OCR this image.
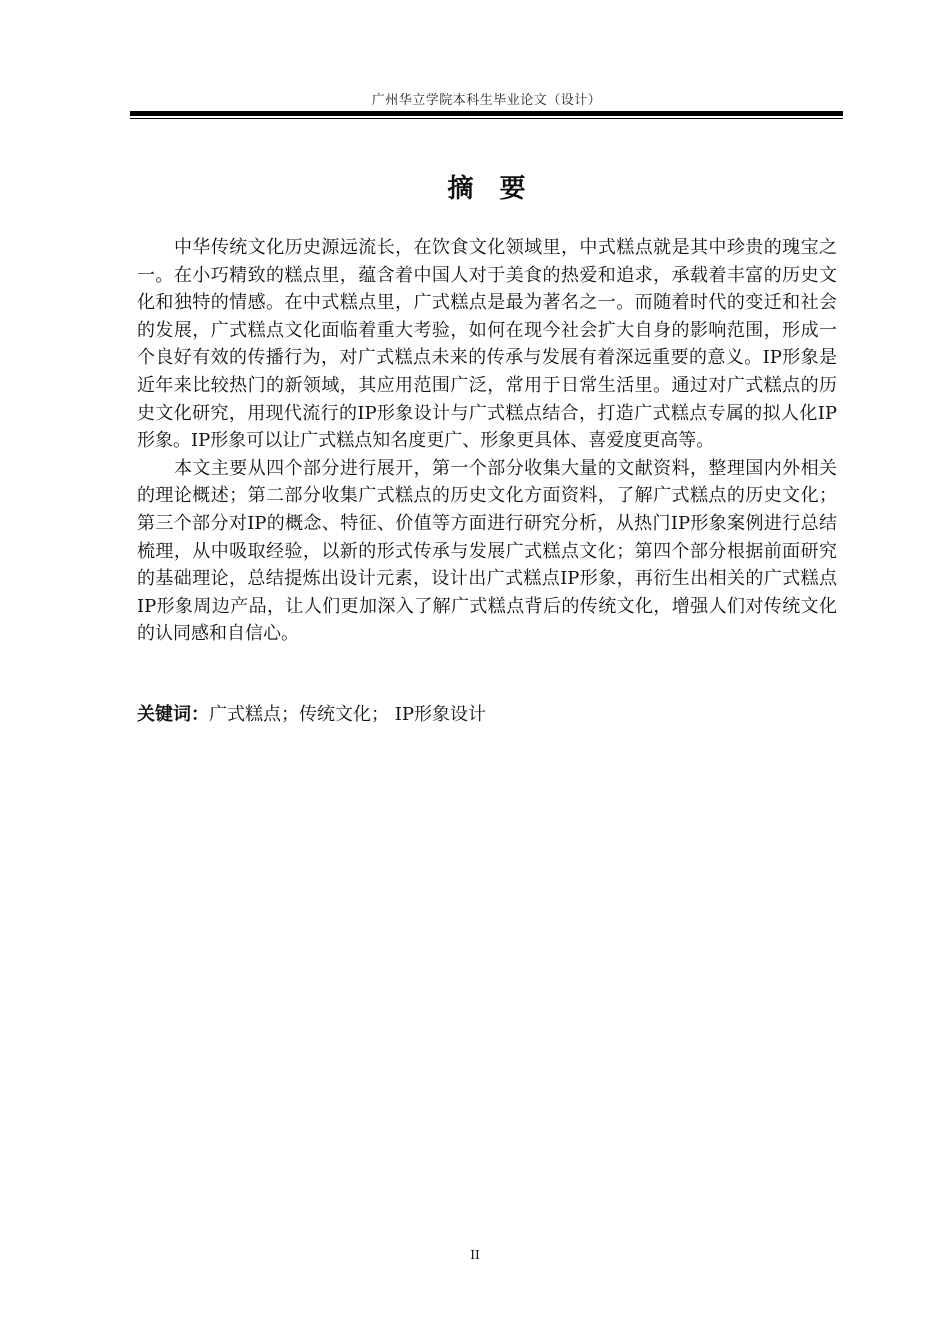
广州华立学院本科生毕业论文（设计）
摘要

中华传统文化历史源远流长，在饮食文化领域里，中式糕点就是其中珍贵的瑰宝之一。在小巧精致的糕点里，蕴含着中国人对于美食的热爱和追求，承载着丰富的历史文化和独特的情感。在中式糕点里，广式糕点是最为著名之一。而随着时代的变迁和社会的发展，广式糕点文化面临着重大考验，如何在现今社会扩大自身的影响范围，形成一个良好有效的传播行为，对广式糕点未来的传承与发展有着深远重要的意义。IP形象是近年来比较热门的新领域，其应用范围广泛，常用于日常生活里。通过对广式糕点的历史文化研究，用现代流行的IP形象设计与广式糕点结合，打造广式糕点专属的拟人化IP形象。IP形象可以让广式糕点知名度更广、形象更具体、喜爱度更高等。

本文主要从四个部分进行展开，第一个部分收集大量的文献资料，整理国内外相关的理论概述；第二部分收集广式糕点的历史文化方面资料，了解广式糕点的历史文化；第三个部分对IP的概念、特征、价值等方面进行研究分析，从热门IP形象案例进行总结梳理，从中吸取经验，以新的形式传承与发展广式糕点文化；第四个部分根据前面研究的基础理论，总结提炼出设计元素，设计出广式糕点IP形象，再衍生出相关的广式糕点IP形象周边产品，让人们更加深入了解广式糕点背后的传统文化，增强人们对传统文化的认同感和自信心。

关键词：广式糕点；传统文化； IP形象设计
II
